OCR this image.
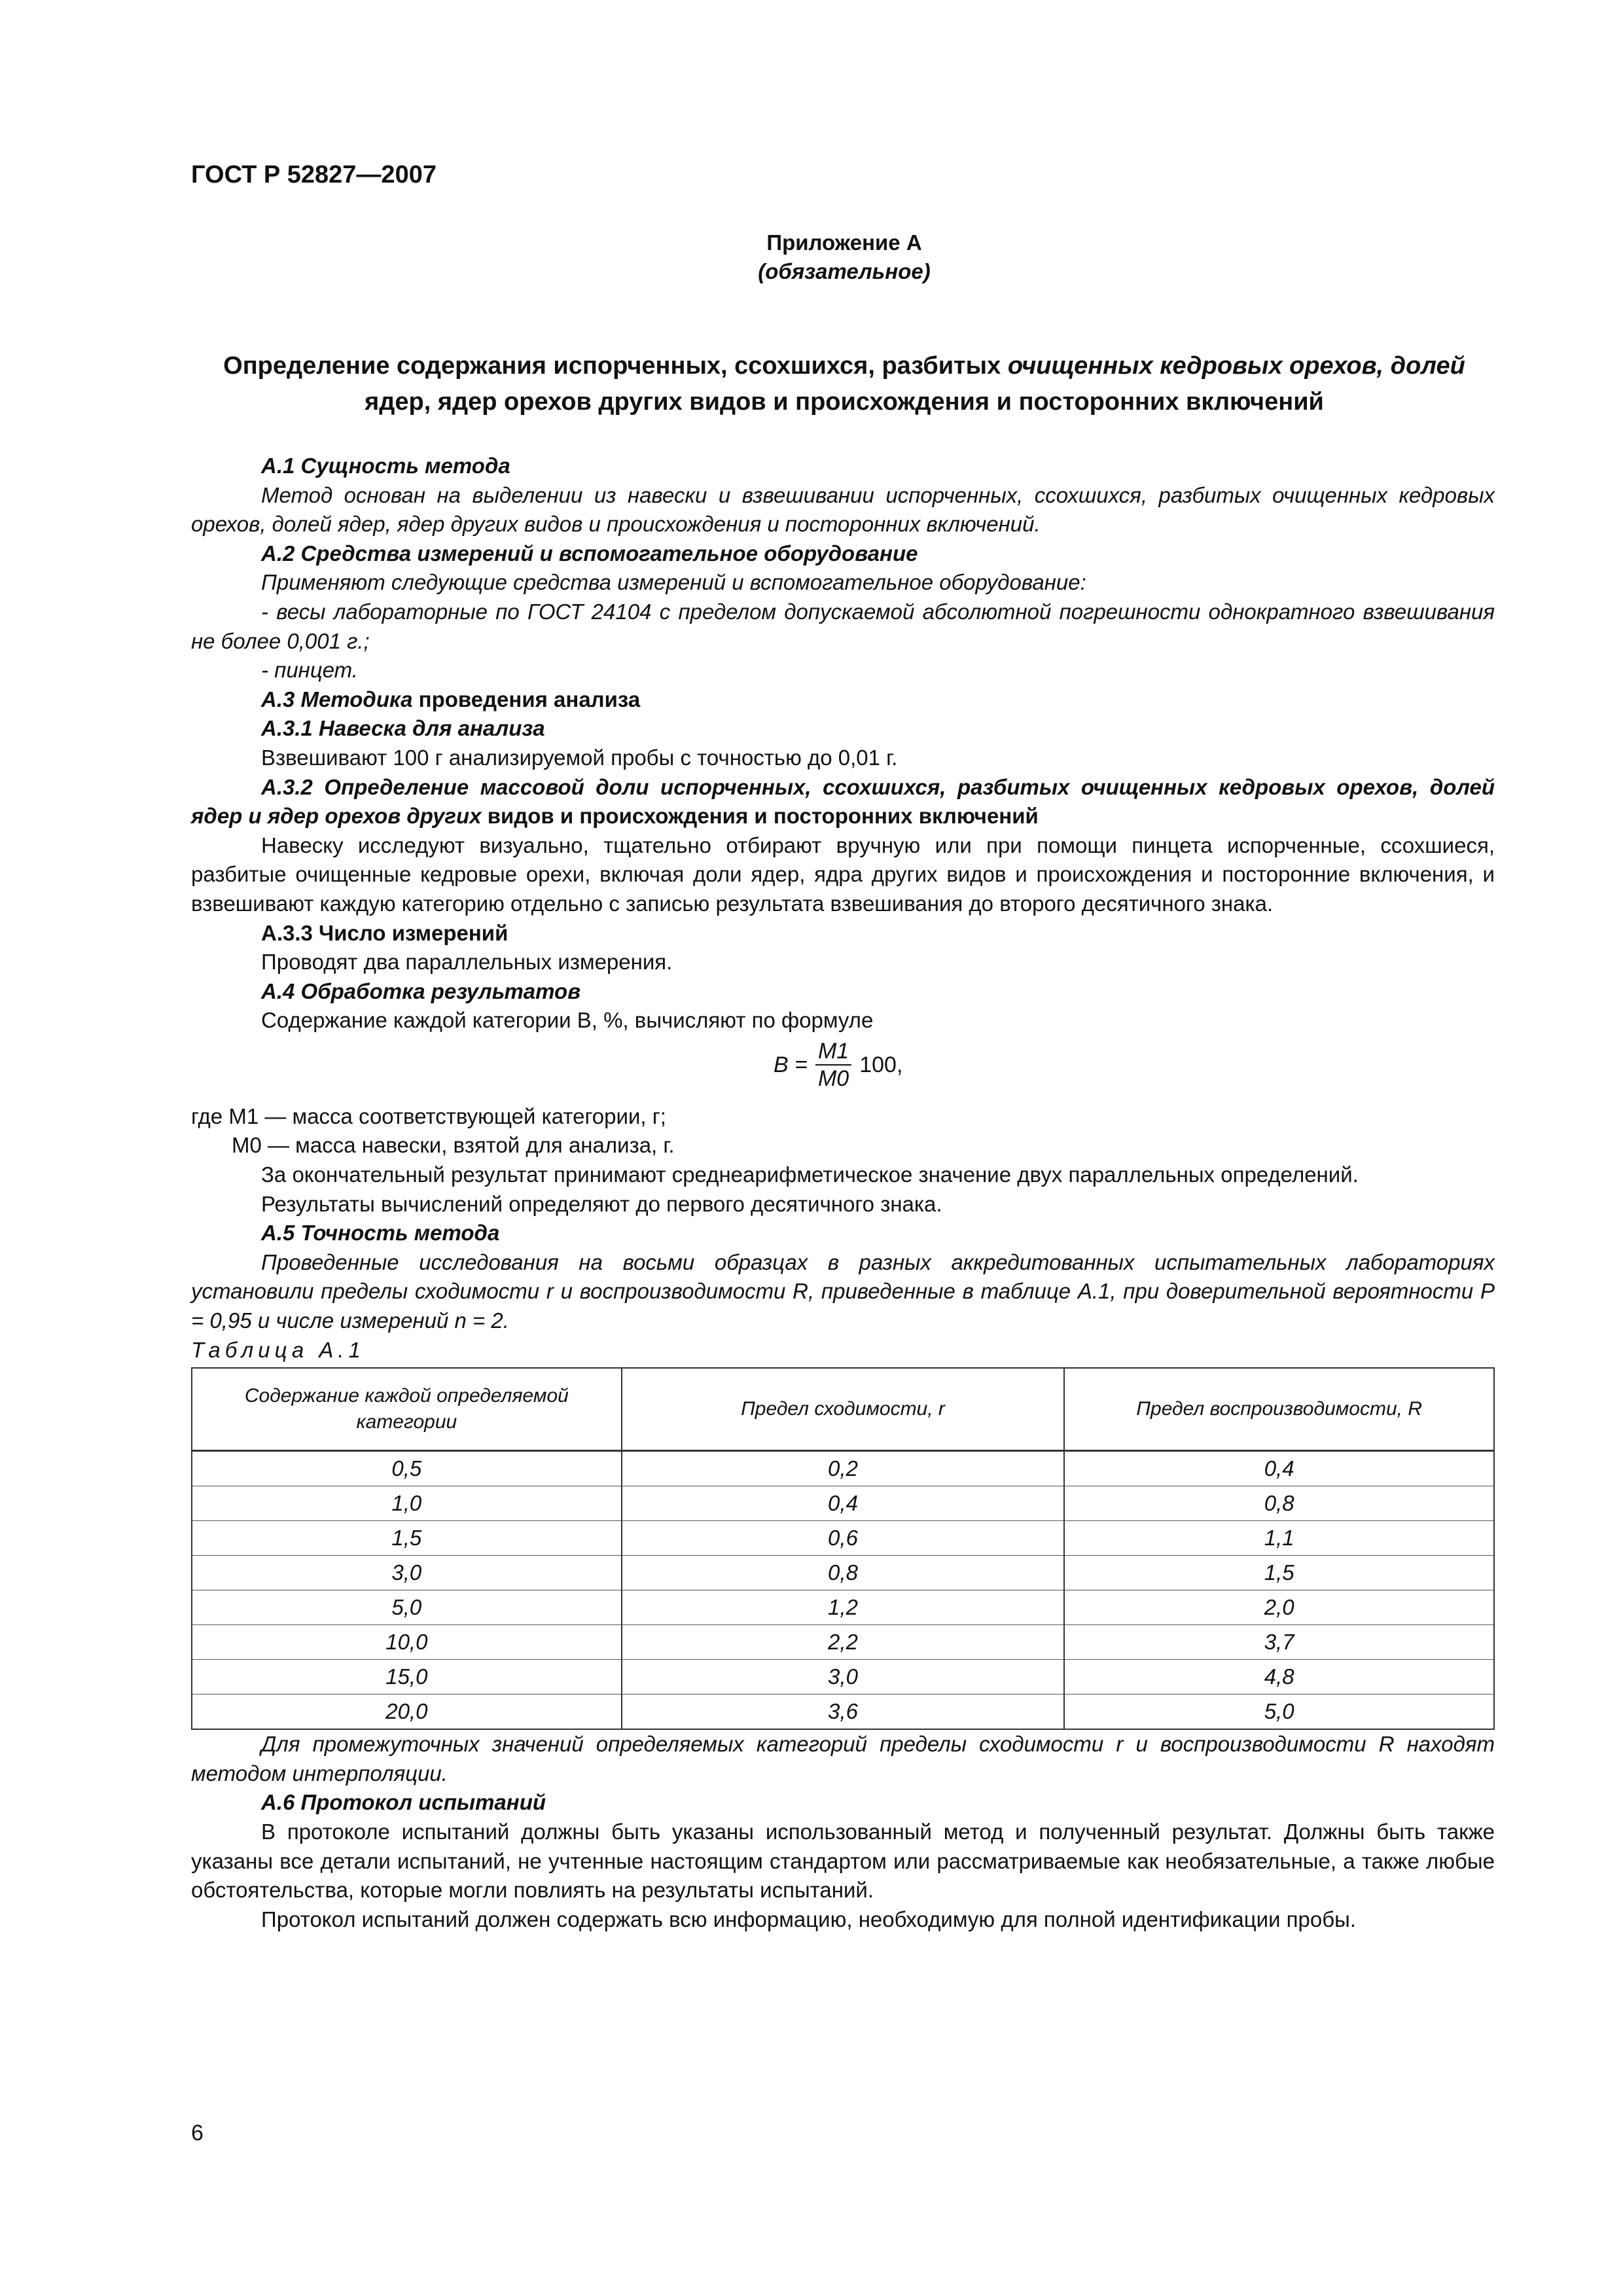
ГОСТ Р 52827—2007
Приложение А
(обязательное)
Определение содержания испорченных, ссохшихся, разбитых очищенных кедровых орехов, долей ядер, ядер орехов других видов и происхождения и посторонних включений

А.1 Сущность метода

Метод основан на выделении из навески и взвешивании испорченных, ссохшихся, разбитых очищенных кедровых орехов, долей ядер, ядер других видов и происхождения и посторонних включений.

А.2 Средства измерений и вспомогательное оборудование

Применяют следующие средства измерений и вспомогательное оборудование:

- весы лабораторные по ГОСТ 24104 с пределом допускаемой абсолютной погрешности однократного взвешивания не более 0,001 г.;

- пинцет.

А.3 Методика проведения анализа

А.3.1 Навеска для анализа

Взвешивают 100 г анализируемой пробы с точностью до 0,01 г.

А.3.2 Определение массовой доли испорченных, ссохшихся, разбитых очищенных кедровых орехов, долей ядер и ядер орехов других видов и происхождения и посторонних включений

Навеску исследуют визуально, тщательно отбирают вручную или при помощи пинцета испорченные, ссохшиеся, разбитые очищенные кедровые орехи, включая доли ядер, ядра других видов и происхождения и посторонние включения, и взвешивают каждую категорию отдельно с записью результата взвешивания до второго десятичного знака.

А.3.3 Число измерений

Проводят два параллельных измерения.

А.4 Обработка результатов

Содержание каждой категории В, %, вычисляют по формуле

$В = \frac{М1}{М0} 100$,

где М1 — масса соответствующей категории, г;

М0 — масса навески, взятой для анализа, г.

За окончательный результат принимают среднеарифметическое значение двух параллельных определений.

Результаты вычислений определяют до первого десятичного знака.

А.5 Точность метода

Проведенные исследования на восьми образцах в разных аккредитованных испытательных лабораториях установили пределы сходимости r и воспроизводимости R, приведенные в таблице А.1, при доверительной вероятности Р = 0,95 и числе измерений n = 2.

Таблица А.1

Содержание каждой определяемой категории	Предел сходимости, r	Предел воспроизводимости, R
0,5	0,2	0,4
1,0	0,4	0,8
1,5	0,6	1,1
3,0	0,8	1,5
5,0	1,2	2,0
10,0	2,2	3,7
15,0	3,0	4,8
20,0	3,6	5,0

Для промежуточных значений определяемых категорий пределы сходимости r и воспроизводимости R находят методом интерполяции.

А.6 Протокол испытаний

В протоколе испытаний должны быть указаны использованный метод и полученный результат. Должны быть также указаны все детали испытаний, не учтенные настоящим стандартом или рассматриваемые как необязательные, а также любые обстоятельства, которые могли повлиять на результаты испытаний.

Протокол испытаний должен содержать всю информацию, необходимую для полной идентификации пробы.

6
